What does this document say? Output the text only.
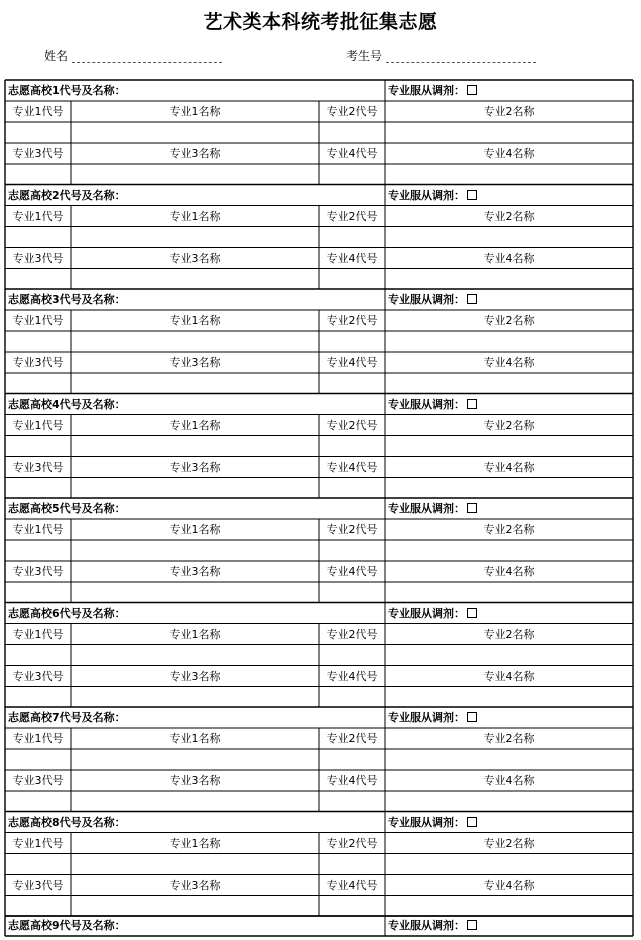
艺术类本科统考批征集志愿
姓名	考生号
志愿高校1代号及名称：	专业服从调剂：
专业1代号	专业1名称	专业2代号	专业2名称
专业3代号	专业3名称	专业4代号	专业4名称
志愿高校2代号及名称：	专业服从调剂：
专业1代号	专业1名称	专业2代号	专业2名称
专业3代号	专业3名称	专业4代号	专业4名称
志愿高校3代号及名称：	专业服从调剂：
专业1代号	专业1名称	专业2代号	专业2名称
专业3代号	专业3名称	专业4代号	专业4名称
志愿高校4代号及名称：	专业服从调剂：
专业1代号	专业1名称	专业2代号	专业2名称
专业3代号	专业3名称	专业4代号	专业4名称
志愿高校5代号及名称：	专业服从调剂：
专业1代号	专业1名称	专业2代号	专业2名称
专业3代号	专业3名称	专业4代号	专业4名称
志愿高校6代号及名称：	专业服从调剂：
专业1代号	专业1名称	专业2代号	专业2名称
专业3代号	专业3名称	专业4代号	专业4名称
志愿高校7代号及名称：	专业服从调剂：
专业1代号	专业1名称	专业2代号	专业2名称
专业3代号	专业3名称	专业4代号	专业4名称
志愿高校8代号及名称：	专业服从调剂：
专业1代号	专业1名称	专业2代号	专业2名称
专业3代号	专业3名称	专业4代号	专业4名称
志愿高校9代号及名称：	专业服从调剂：
